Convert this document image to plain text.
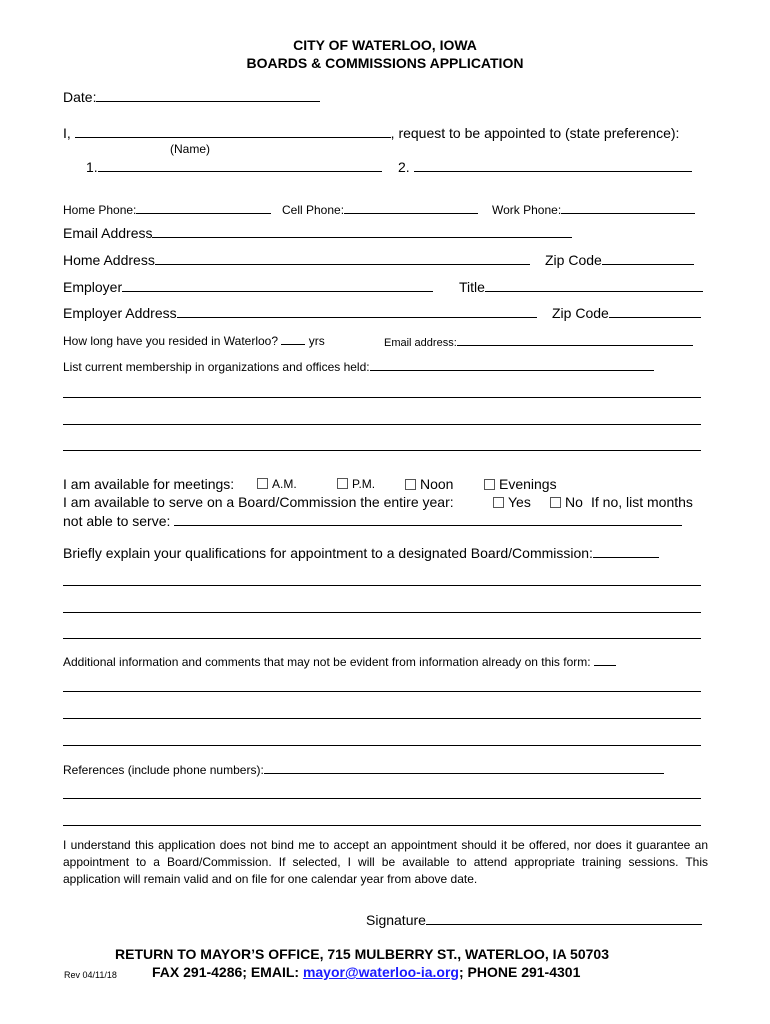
CITY OF WATERLOO, IOWA
BOARDS & COMMISSIONS APPLICATION
Date:
I,	, request to be appointed to (state preference):
(Name)
1.	2.
Home Phone:	Cell Phone:	Work Phone:
Email Address
Home Address	Zip Code
Employer	Title
Employer Address	Zip Code
How long have you resided in Waterloo?	yrs	Email address:
List current membership in organizations and offices held:
I am available for meetings:	A.M.	P.M.	Noon	Evenings
I am available to serve on a Board/Commission the entire year:	Yes	No If no, list months
not able to serve:
Briefly explain your qualifications for appointment to a designated Board/Commission:
Additional information and comments that may not be evident from information already on this form:
References (include phone numbers):
I understand this application does not bind me to accept an appointment should it be offered, nor does it guarantee an appointment to a Board/Commission. If selected, I will be available to attend appropriate training sessions. This application will remain valid and on file for one calendar year from above date.
Signature
RETURN TO MAYOR’S OFFICE, 715 MULBERRY ST., WATERLOO, IA 50703
Rev 04/11/18	FAX 291-4286; EMAIL: mayor@waterloo-ia.org; PHONE 291-4301
